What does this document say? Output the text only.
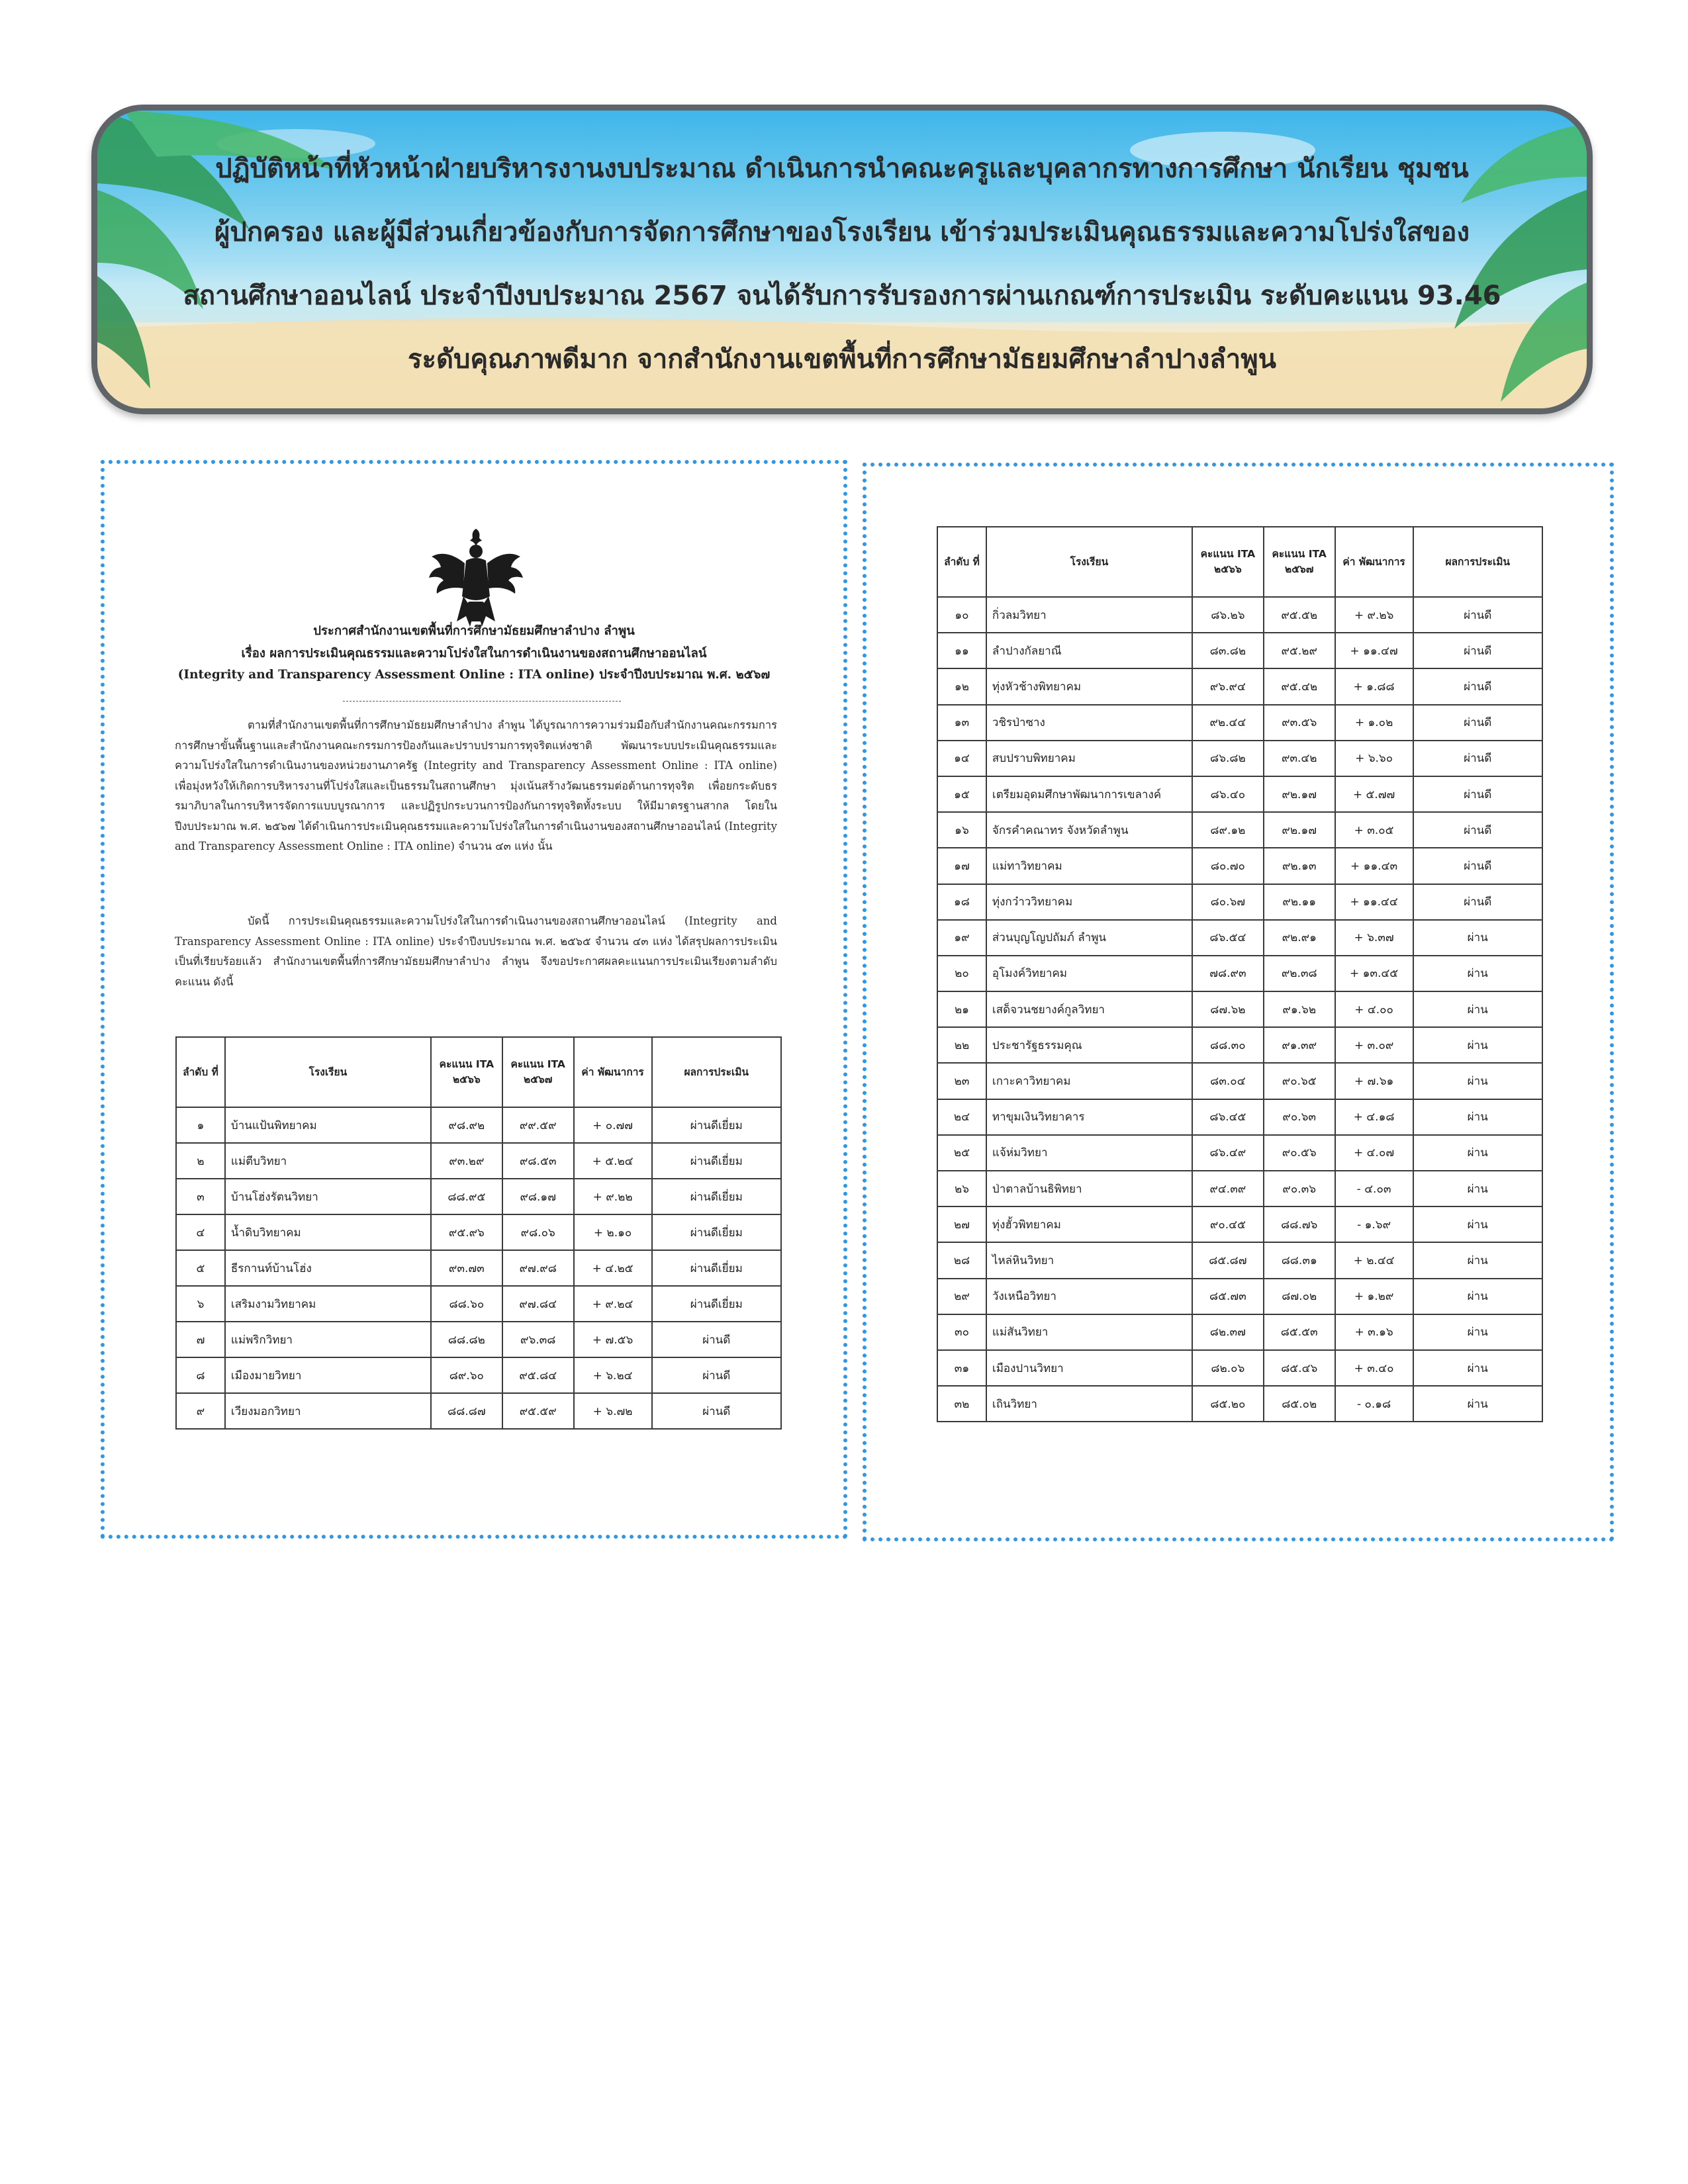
ปฏิบัติหน้าที่หัวหน้าฝ่ายบริหารงานงบประมาณ ดำเนินการนำคณะครูและบุคลากรทางการศึกษา นักเรียน ชุมชน
ผู้ปกครอง และผู้มีส่วนเกี่ยวข้องกับการจัดการศึกษาของโรงเรียน เข้าร่วมประเมินคุณธรรมและความโปร่งใสของ
สถานศึกษาออนไลน์ ประจำปีงบประมาณ 2567 จนได้รับการรับรองการผ่านเกณฑ์การประเมิน ระดับคะแนน 93.46
ระดับคุณภาพดีมาก จากสำนักงานเขตพื้นที่การศึกษามัธยมศึกษาลำปางลำพูน
ประกาศสำนักงานเขตพื้นที่การศึกษามัธยมศึกษาลำปาง ลำพูน
เรื่อง ผลการประเมินคุณธรรมและความโปร่งใสในการดำเนินงานของสถานศึกษาออนไลน์
(Integrity and Transparency Assessment Online : ITA online) ประจำปีงบประมาณ พ.ศ. ๒๕๖๗
ตามที่สำนักงานเขตพื้นที่การศึกษามัธยมศึกษาลำปาง ลำพูน ได้บูรณาการความร่วมมือกับสำนักงานคณะกรรมการการศึกษาขั้นพื้นฐานและสำนักงานคณะกรรมการป้องกันและปราบปรามการทุจริตแห่งชาติ พัฒนาระบบประเมินคุณธรรมและความโปร่งใสในการดำเนินงานของหน่วยงานภาครัฐ (Integrity and Transparency Assessment Online : ITA online) เพื่อมุ่งหวังให้เกิดการบริหารงานที่โปร่งใสและเป็นธรรมในสถานศึกษา มุ่งเน้นสร้างวัฒนธรรมต่อต้านการทุจริต เพื่อยกระดับธรรมาภิบาลในการบริหารจัดการแบบบูรณาการ และปฏิรูปกระบวนการป้องกันการทุจริตทั้งระบบ ให้มีมาตรฐานสากล โดยในปีงบประมาณ พ.ศ. ๒๕๖๗ ได้ดำเนินการประเมินคุณธรรมและความโปร่งใสในการดำเนินงานของสถานศึกษาออนไลน์ (Integrity and Transparency Assessment Online : ITA online) จำนวน ๔๓ แห่ง นั้น
บัดนี้ การประเมินคุณธรรมและความโปร่งใสในการดำเนินงานของสถานศึกษาออนไลน์ (Integrity and Transparency Assessment Online : ITA online) ประจำปีงบประมาณ พ.ศ. ๒๕๖๕ จำนวน ๔๓ แห่ง ได้สรุปผลการประเมินเป็นที่เรียบร้อยแล้ว สำนักงานเขตพื้นที่การศึกษามัธยมศึกษาลำปาง ลำพูน จึงขอประกาศผลคะแนนการประเมินเรียงตามลำดับคะแนน ดังนี้
ลำดับ ที่	โรงเรียน	คะแนน ITA ๒๕๖๖	คะแนน ITA ๒๕๖๗	ค่า พัฒนาการ	ผลการประเมิน
๑	บ้านแป้นพิทยาคม	๙๘.๙๒	๙๙.๕๙	+ ๐.๗๗	ผ่านดีเยี่ยม
๒	แม่ตีบวิทยา	๙๓.๒๙	๙๘.๕๓	+ ๕.๒๔	ผ่านดีเยี่ยม
๓	บ้านโฮ่งรัตนวิทยา	๘๘.๙๕	๙๘.๑๗	+ ๙.๒๒	ผ่านดีเยี่ยม
๔	น้ำดิบวิทยาคม	๙๕.๙๖	๙๘.๐๖	+ ๒.๑๐	ผ่านดีเยี่ยม
๕	ธีรกานท์บ้านโฮ่ง	๙๓.๗๓	๙๗.๙๘	+ ๔.๒๕	ผ่านดีเยี่ยม
๖	เสริมงามวิทยาคม	๘๘.๖๐	๙๗.๘๔	+ ๙.๒๔	ผ่านดีเยี่ยม
๗	แม่พริกวิทยา	๘๘.๘๒	๙๖.๓๘	+ ๗.๕๖	ผ่านดี
๘	เมืองมายวิทยา	๘๙.๖๐	๙๕.๘๔	+ ๖.๒๔	ผ่านดี
๙	เวียงมอกวิทยา	๘๘.๘๗	๙๕.๕๙	+ ๖.๗๒	ผ่านดี
ลำดับ ที่	โรงเรียน	คะแนน ITA ๒๕๖๖	คะแนน ITA ๒๕๖๗	ค่า พัฒนาการ	ผลการประเมิน
๑๐	กิ่วลมวิทยา	๘๖.๒๖	๙๕.๕๒	+ ๙.๒๖	ผ่านดี
๑๑	ลำปางกัลยาณี	๘๓.๘๒	๙๕.๒๙	+ ๑๑.๔๗	ผ่านดี
๑๒	ทุ่งหัวช้างพิทยาคม	๙๖.๙๔	๙๕.๔๒	+ ๑.๘๘	ผ่านดี
๑๓	วชิรป่าซาง	๙๒.๔๔	๙๓.๕๖	+ ๑.๐๒	ผ่านดี
๑๔	สบปราบพิทยาคม	๘๖.๘๒	๙๓.๔๒	+ ๖.๖๐	ผ่านดี
๑๕	เตรียมอุดมศึกษาพัฒนาการเขลางค์	๘๖.๔๐	๙๒.๑๗	+ ๕.๗๗	ผ่านดี
๑๖	จักรคำคณาทร จังหวัดลำพูน	๘๙.๑๒	๙๒.๑๗	+ ๓.๐๕	ผ่านดี
๑๗	แม่ทาวิทยาคม	๘๐.๗๐	๙๒.๑๓	+ ๑๑.๔๓	ผ่านดี
๑๘	ทุ่งกว๋าววิทยาคม	๘๐.๖๗	๙๒.๑๑	+ ๑๑.๔๔	ผ่านดี
๑๙	ส่วนบุญโญปถัมภ์ ลำพูน	๘๖.๕๔	๙๒.๙๑	+ ๖.๓๗	ผ่าน
๒๐	อุโมงค์วิทยาคม	๗๘.๙๓	๙๒.๓๘	+ ๑๓.๔๕	ผ่าน
๒๑	เสด็จวนชยางค์กูลวิทยา	๘๗.๖๒	๙๑.๖๒	+ ๔.๐๐	ผ่าน
๒๒	ประชารัฐธรรมคุณ	๘๘.๓๐	๙๑.๓๙	+ ๓.๐๙	ผ่าน
๒๓	เกาะคาวิทยาคม	๘๓.๐๔	๙๐.๖๕	+ ๗.๖๑	ผ่าน
๒๔	ทาขุมเงินวิทยาคาร	๘๖.๔๕	๙๐.๖๓	+ ๔.๑๘	ผ่าน
๒๕	แจ้ห่มวิทยา	๘๖.๔๙	๙๐.๕๖	+ ๔.๐๗	ผ่าน
๒๖	ป่าตาลบ้านธิพิทยา	๙๔.๓๙	๙๐.๓๖	- ๔.๐๓	ผ่าน
๒๗	ทุ่งฮั้วพิทยาคม	๙๐.๔๕	๘๘.๗๖	- ๑.๖๙	ผ่าน
๒๘	ไหล่หินวิทยา	๘๕.๘๗	๘๘.๓๑	+ ๒.๔๔	ผ่าน
๒๙	วังเหนือวิทยา	๘๕.๗๓	๘๗.๐๒	+ ๑.๒๙	ผ่าน
๓๐	แม่สันวิทยา	๘๒.๓๗	๘๕.๕๓	+ ๓.๑๖	ผ่าน
๓๑	เมืองปานวิทยา	๘๒.๐๖	๘๕.๔๖	+ ๓.๔๐	ผ่าน
๓๒	เถินวิทยา	๘๕.๒๐	๘๕.๐๒	- ๐.๑๘	ผ่าน
